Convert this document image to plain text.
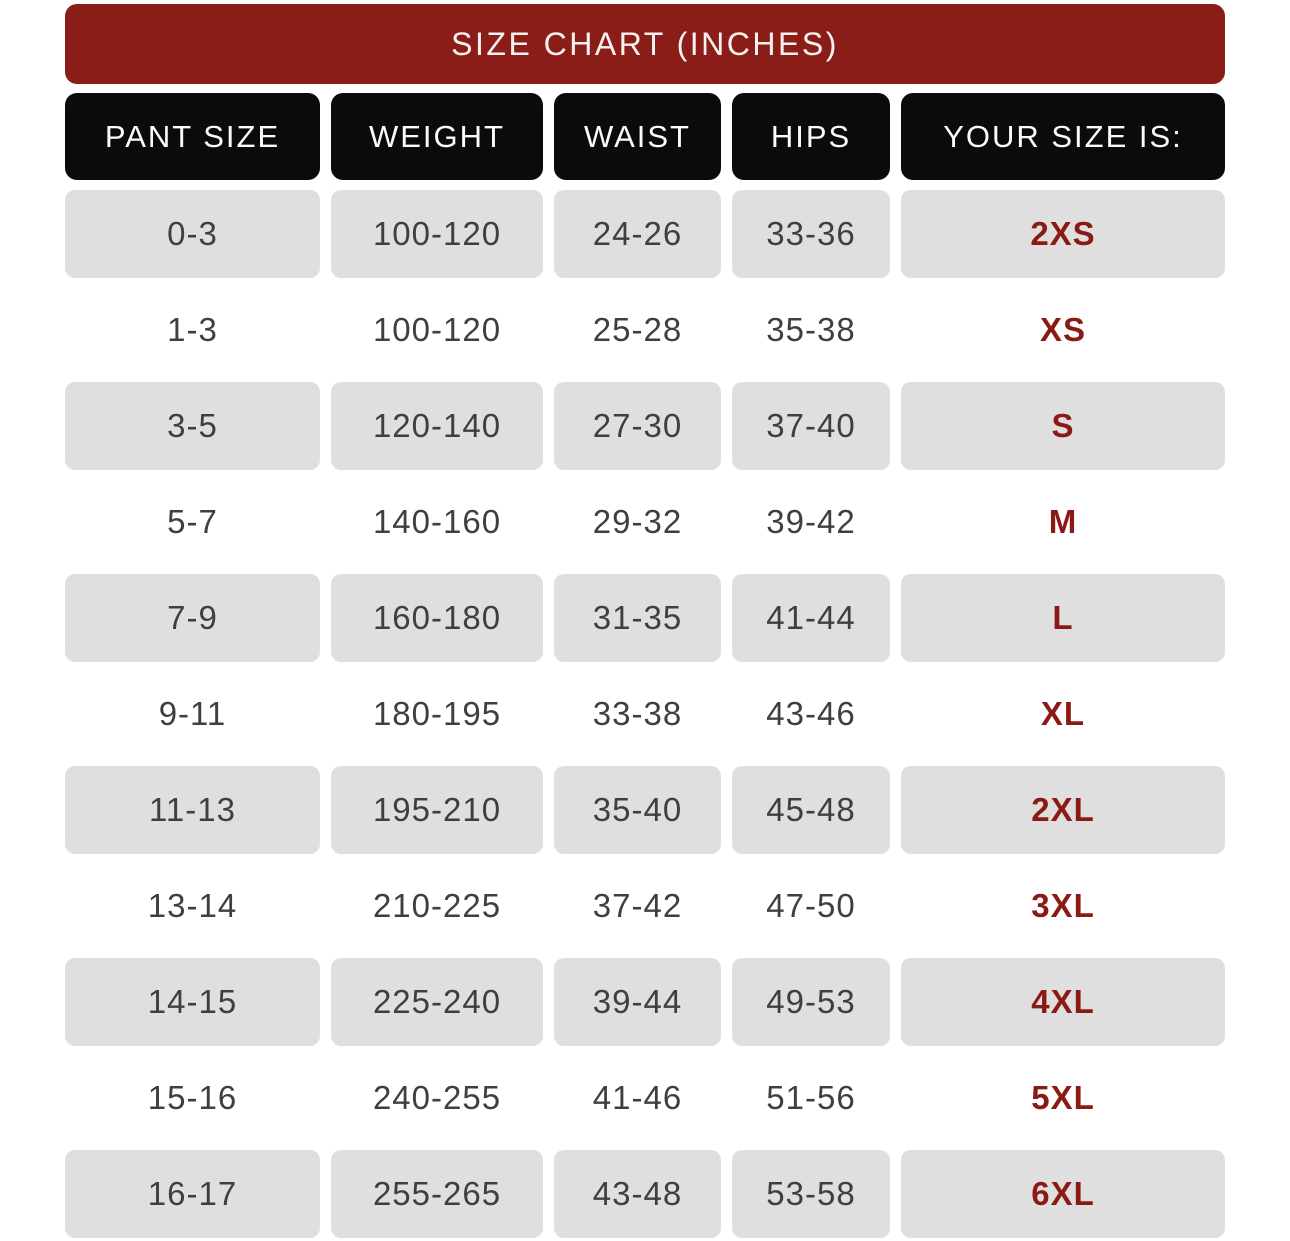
SIZE CHART (INCHES)
PANT SIZE	WEIGHT	WAIST	HIPS	YOUR SIZE IS:
0-3	100-120	24-26	33-36	2XS
1-3	100-120	25-28	35-38	XS
3-5	120-140	27-30	37-40	S
5-7	140-160	29-32	39-42	M
7-9	160-180	31-35	41-44	L
9-11	180-195	33-38	43-46	XL
11-13	195-210	35-40	45-48	2XL
13-14	210-225	37-42	47-50	3XL
14-15	225-240	39-44	49-53	4XL
15-16	240-255	41-46	51-56	5XL
16-17	255-265	43-48	53-58	6XL
